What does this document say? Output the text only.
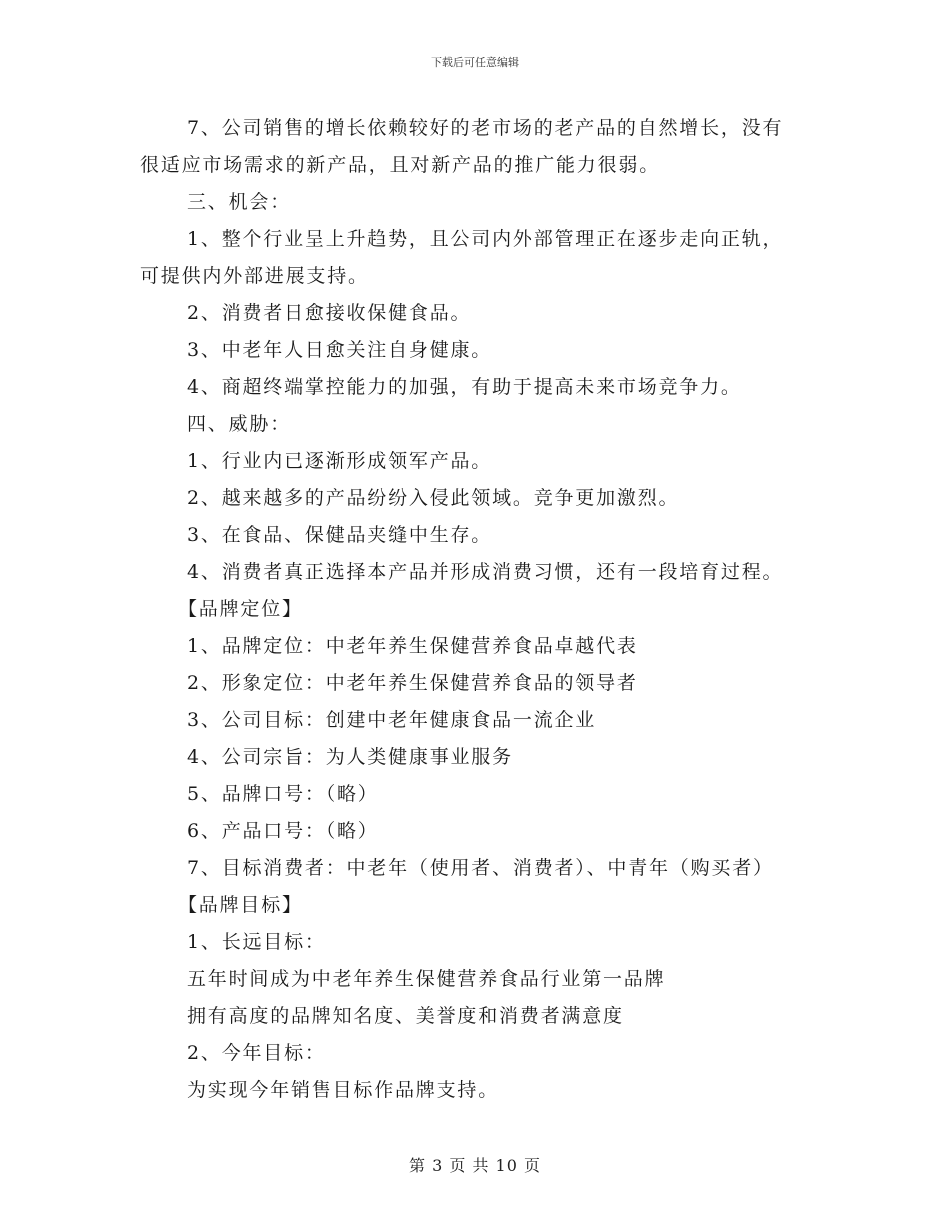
下载后可任意编辑
7、公司销售的增长依赖较好的老市场的老产品的自然增长，没有
很适应市场需求的新产品，且对新产品的推广能力很弱。
三、机会：
1、整个行业呈上升趋势，且公司内外部管理正在逐步走向正轨，
可提供内外部进展支持。
2、消费者日愈接收保健食品。
3、中老年人日愈关注自身健康。
4、商超终端掌控能力的加强，有助于提高未来市场竞争力。
四、威胁：
1、行业内已逐渐形成领军产品。
2、越来越多的产品纷纷入侵此领域。竞争更加激烈。
3、在食品、保健品夹缝中生存。
4、消费者真正选择本产品并形成消费习惯，还有一段培育过程。
【品牌定位】
1、品牌定位：中老年养生保健营养食品卓越代表
2、形象定位：中老年养生保健营养食品的领导者
3、公司目标：创建中老年健康食品一流企业
4、公司宗旨：为人类健康事业服务
5、品牌口号：（略）
6、产品口号：（略）
7、目标消费者：中老年（使用者、消费者）、中青年（购买者）
【品牌目标】
1、长远目标：
五年时间成为中老年养生保健营养食品行业第一品牌
拥有高度的品牌知名度、美誉度和消费者满意度
2、今年目标：
为实现今年销售目标作品牌支持。
第 3 页 共 10 页
